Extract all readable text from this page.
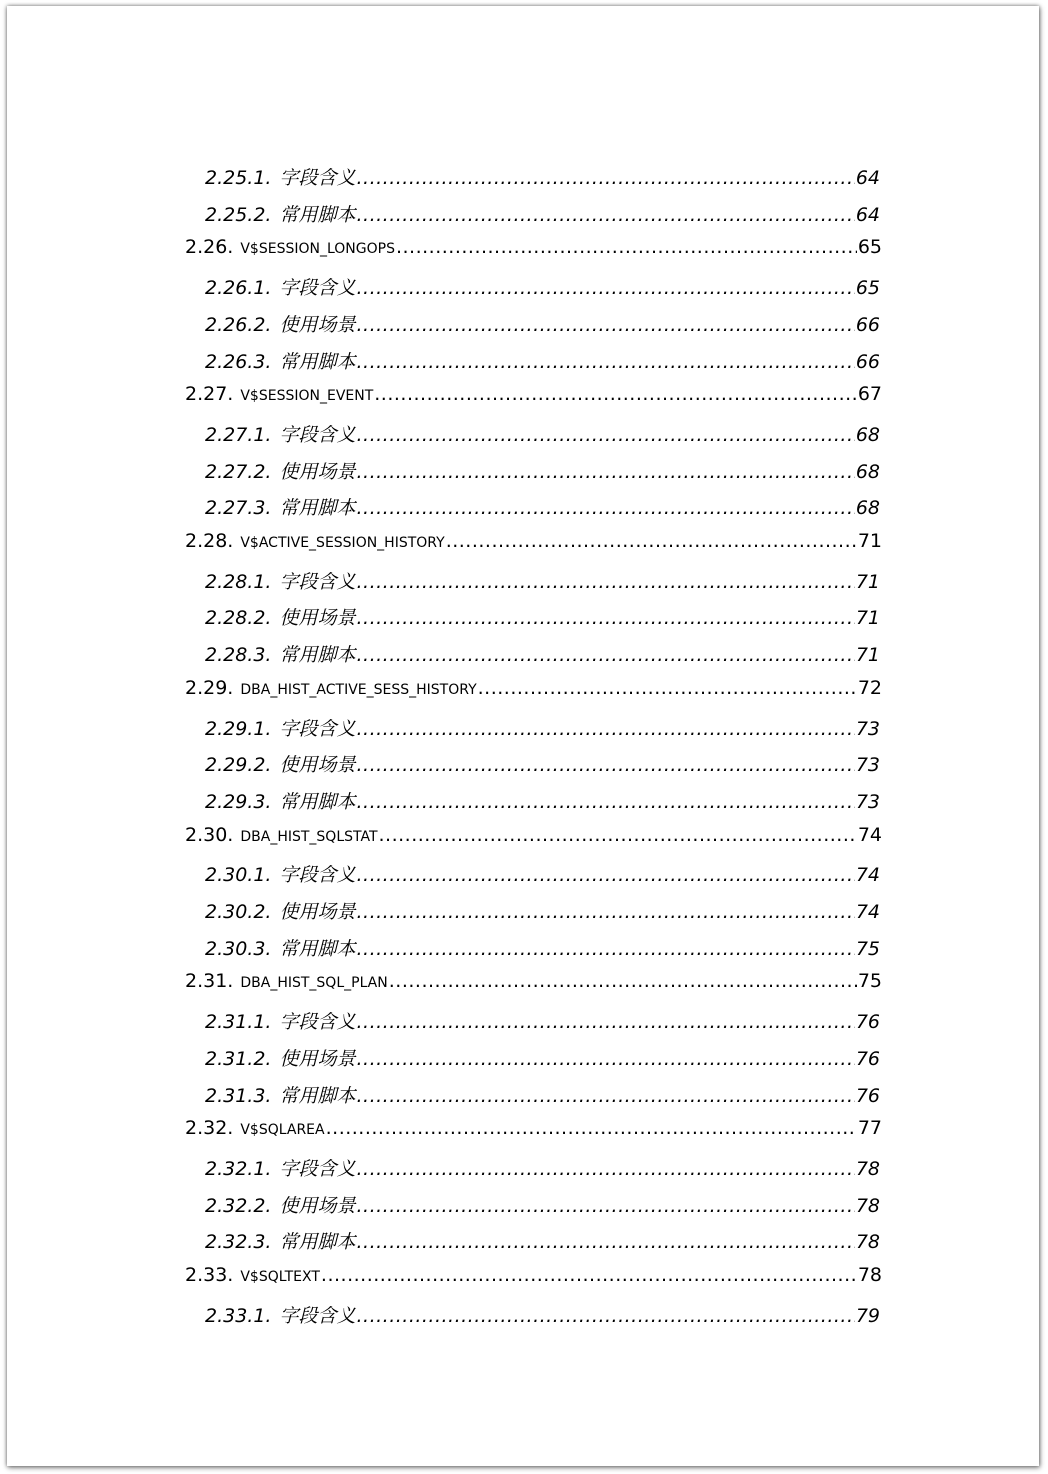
2.25.1. 字段含义 .....	64
2.25.2. 常用脚本 .....	64
2.26. V$SESSION_LONGOPS .....	65
2.26.1. 字段含义 .....	65
2.26.2. 使用场景 .....	66
2.26.3. 常用脚本 .....	66
2.27. V$SESSION_EVENT .....	67
2.27.1. 字段含义 .....	68
2.27.2. 使用场景 .....	68
2.27.3. 常用脚本 .....	68
2.28. V$ACTIVE_SESSION_HISTORY .....	71
2.28.1. 字段含义 .....	71
2.28.2. 使用场景 .....	71
2.28.3. 常用脚本 .....	71
2.29. DBA_HIST_ACTIVE_SESS_HISTORY .....	72
2.29.1. 字段含义 .....	73
2.29.2. 使用场景 .....	73
2.29.3. 常用脚本 .....	73
2.30. DBA_HIST_SQLSTAT .....	74
2.30.1. 字段含义 .....	74
2.30.2. 使用场景 .....	74
2.30.3. 常用脚本 .....	75
2.31. DBA_HIST_SQL_PLAN .....	75
2.31.1. 字段含义 .....	76
2.31.2. 使用场景 .....	76
2.31.3. 常用脚本 .....	76
2.32. V$SQLAREA .....	77
2.32.1. 字段含义 .....	78
2.32.2. 使用场景 .....	78
2.32.3. 常用脚本 .....	78
2.33. V$SQLTEXT .....	78
2.33.1. 字段含义 .....	79
